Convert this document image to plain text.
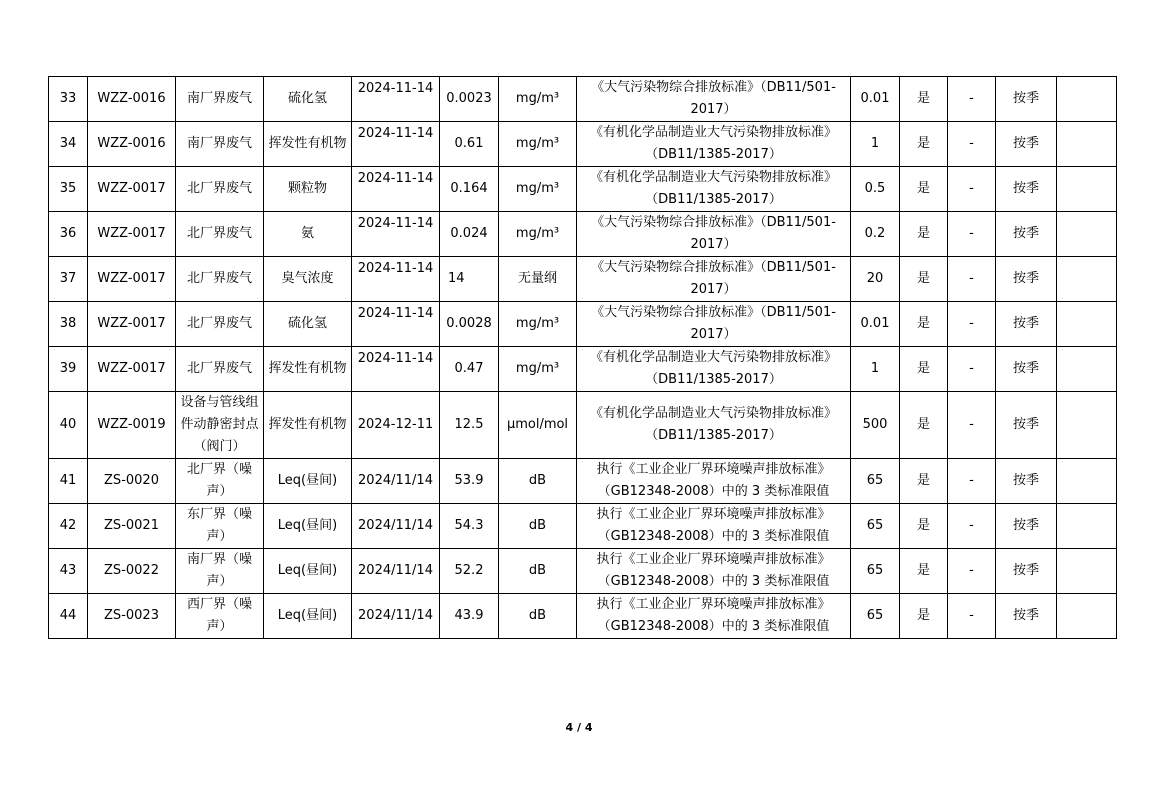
33	WZZ-0016	南厂界废气	硫化氢	2024-11-14	0.0023	mg/m³	《大气污染物综合排放标准》（DB11/501-2017）	0.01	是	-	按季	
34	WZZ-0016	南厂界废气	挥发性有机物	2024-11-14	0.61	mg/m³	《有机化学品制造业大气污染物排放标准》（DB11/1385-2017）	1	是	-	按季	
35	WZZ-0017	北厂界废气	颗粒物	2024-11-14	0.164	mg/m³	《有机化学品制造业大气污染物排放标准》（DB11/1385-2017）	0.5	是	-	按季	
36	WZZ-0017	北厂界废气	氨	2024-11-14	0.024	mg/m³	《大气污染物综合排放标准》（DB11/501-2017）	0.2	是	-	按季	
37	WZZ-0017	北厂界废气	臭气浓度	2024-11-14	14	无量纲	《大气污染物综合排放标准》（DB11/501-2017）	20	是	-	按季	
38	WZZ-0017	北厂界废气	硫化氢	2024-11-14	0.0028	mg/m³	《大气污染物综合排放标准》（DB11/501-2017）	0.01	是	-	按季	
39	WZZ-0017	北厂界废气	挥发性有机物	2024-11-14	0.47	mg/m³	《有机化学品制造业大气污染物排放标准》（DB11/1385-2017）	1	是	-	按季	
40	WZZ-0019	设备与管线组件动静密封点（阀门）	挥发性有机物	2024-12-11	12.5	μmol/mol	《有机化学品制造业大气污染物排放标准》（DB11/1385-2017）	500	是	-	按季	
41	ZS-0020	北厂界（噪声）	Leq(昼间)	2024/11/14	53.9	dB	执行《工业企业厂界环境噪声排放标准》（GB12348-2008）中的 3 类标准限值	65	是	-	按季	
42	ZS-0021	东厂界（噪声）	Leq(昼间)	2024/11/14	54.3	dB	执行《工业企业厂界环境噪声排放标准》（GB12348-2008）中的 3 类标准限值	65	是	-	按季	
43	ZS-0022	南厂界（噪声）	Leq(昼间)	2024/11/14	52.2	dB	执行《工业企业厂界环境噪声排放标准》（GB12348-2008）中的 3 类标准限值	65	是	-	按季	
44	ZS-0023	西厂界（噪声）	Leq(昼间)	2024/11/14	43.9	dB	执行《工业企业厂界环境噪声排放标准》（GB12348-2008）中的 3 类标准限值	65	是	-	按季	
4 / 4
